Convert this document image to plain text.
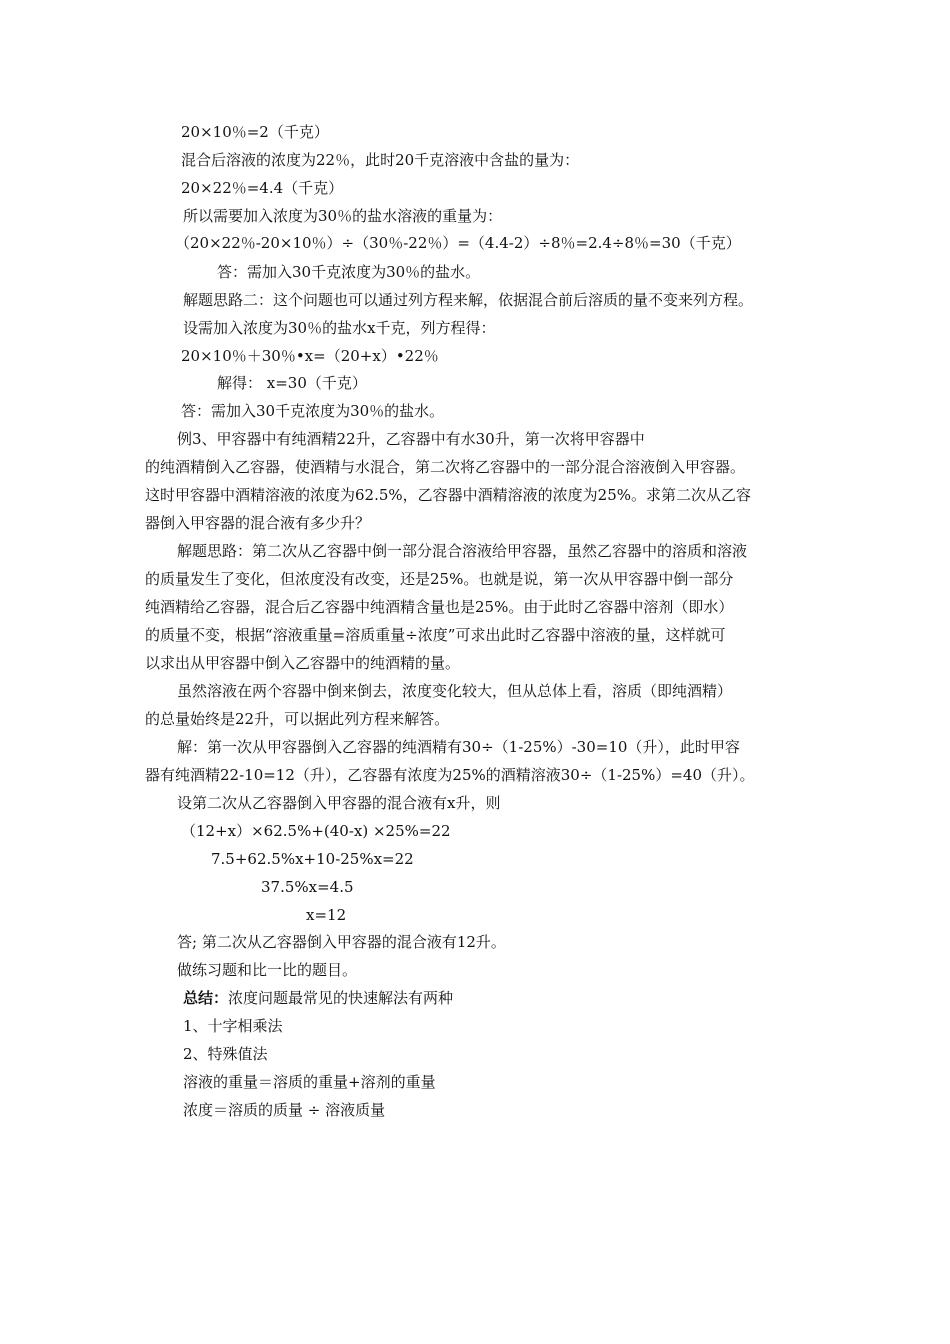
20×10％=2（千克）
混合后溶液的浓度为22％，此时20千克溶液中含盐的量为：
20×22％=4.4（千克）
所以需要加入浓度为30％的盐水溶液的重量为：
（20×22％-20×10％）÷（30％-22％）=（4.4-2）÷8％=2.4÷8％=30（千克）
答：需加入30千克浓度为30％的盐水。
解题思路二：这个问题也可以通过列方程来解，依据混合前后溶质的量不变来列方程。
设需加入浓度为30％的盐水x千克，列方程得：
20×10％＋30％•x=（20+x）•22％
解得： x=30（千克）
答：需加入30千克浓度为30％的盐水。
例3、甲容器中有纯酒精22升，乙容器中有水30升，第一次将甲容器中
的纯酒精倒入乙容器，使酒精与水混合，第二次将乙容器中的一部分混合溶液倒入甲容器。
这时甲容器中酒精溶液的浓度为62.5%，乙容器中酒精溶液的浓度为25%。求第二次从乙容
器倒入甲容器的混合液有多少升？
解题思路：第二次从乙容器中倒一部分混合溶液给甲容器，虽然乙容器中的溶质和溶液
的质量发生了变化，但浓度没有改变，还是25%。也就是说，第一次从甲容器中倒一部分
纯酒精给乙容器，混合后乙容器中纯酒精含量也是25%。由于此时乙容器中溶剂（即水）
的质量不变，根据“溶液重量=溶质重量÷浓度”可求出此时乙容器中溶液的量，这样就可
以求出从甲容器中倒入乙容器中的纯酒精的量。
虽然溶液在两个容器中倒来倒去，浓度变化较大，但从总体上看，溶质（即纯酒精）
的总量始终是22升，可以据此列方程来解答。
解：第一次从甲容器倒入乙容器的纯酒精有30÷（1-25%）-30=10（升），此时甲容
器有纯酒精22-10=12（升），乙容器有浓度为25%的酒精溶液30÷（1-25%）=40（升）。
设第二次从乙容器倒入甲容器的混合液有x升，则
（12+x）×62.5%+(40-x) ×25%=22
7.5+62.5%x+10-25%x=22
37.5%x=4.5
x=12
答; 第二次从乙容器倒入甲容器的混合液有12升。
做练习题和比一比的题目。
总结：浓度问题最常见的快速解法有两种
1、十字相乘法
2、特殊值法
溶液的重量＝溶质的重量+溶剂的重量
浓度＝溶质的质量 ÷ 溶液质量
